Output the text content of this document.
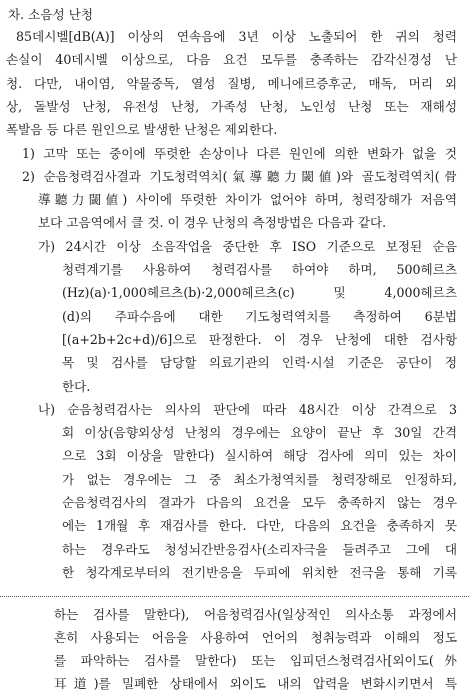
차. 소음성 난청
85데시벨[dB(A)] 이상의 연속음에 3년 이상 노출되어 한 귀의 청력
손실이 40데시벨 이상으로, 다음 요건 모두를 충족하는 감각신경성 난
청. 다만, 내이염, 약물중독, 열성 질병, 메니에르증후군, 매독, 머리 외
상, 돌발성 난청, 유전성 난청, 가족성 난청, 노인성 난청 또는 재해성
폭발음 등 다른 원인으로 발생한 난청은 제외한다.
1) 고막 또는 중이에 뚜렷한 손상이나 다른 원인에 의한 변화가 없을 것
2) 순음청력검사결과 기도청력역치(氣導聽力閾値)와 골도청력역치(骨
導聽力閾値) 사이에 뚜렷한 차이가 없어야 하며, 청력장해가 저음역
보다 고음역에서 클 것. 이 경우 난청의 측정방법은 다음과 같다.
가) 24시간 이상 소음작업을 중단한 후 ISO 기준으로 보정된 순음
청력계기를 사용하여 청력검사를 하여야 하며, 500헤르츠
(Hz)(a)·1,000헤르츠(b)·2,000헤르츠(c) 및 4,000헤르츠
(d)의 주파수음에 대한 기도청력역치를 측정하여 6분법
[(a+2b+2c+d)/6]으로 판정한다. 이 경우 난청에 대한 검사항
목 및 검사를 담당할 의료기관의 인력·시설 기준은 공단이 정
한다.
나) 순음청력검사는 의사의 판단에 따라 48시간 이상 간격으로 3
회 이상(음향외상성 난청의 경우에는 요양이 끝난 후 30일 간격
으로 3회 이상을 말한다) 실시하여 해당 검사에 의미 있는 차이
가 없는 경우에는 그 중 최소가청역치를 청력장해로 인정하되,
순음청력검사의 결과가 다음의 요건을 모두 충족하지 않는 경우
에는 1개월 후 재검사를 한다. 다만, 다음의 요건을 충족하지 못
하는 경우라도 청성뇌간반응검사(소리자극을 들려주고 그에 대
한 청각계로부터의 전기반응을 두피에 위치한 전극을 통해 기록
하는 검사를 말한다), 어음청력검사(일상적인 의사소통 과정에서
흔히 사용되는 어음을 사용하여 언어의 청취능력과 이해의 정도
를 파악하는 검사를 말한다) 또는 임피던스청력검사[외이도(外
耳道)를 밀폐한 상태에서 외이도 내의 압력을 변화시키면서 특
